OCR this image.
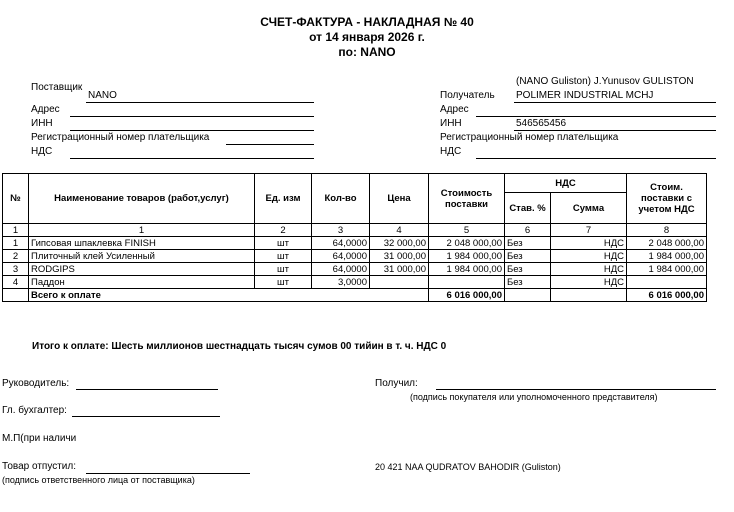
СЧЕТ-ФАКТУРА - НАКЛАДНАЯ № 40
от 14 января 2026 г.
по: NANO
Поставщик
NANO
Адрес
ИНН
Регистрационный номер плательщика
НДС
(NANO Guliston) J.Yunusov GULISTON
Получатель POLIMER INDUSTRIAL MCHJ
Адрес
ИНН	546565456
Регистрационный номер плательщика
НДС
№	Наименование товаров (работ,услуг)	Ед. изм	Кол-во	Цена	Стоимость поставки	НДС		Стоим. поставки с учетом НДС
						Став. %	Сумма	
1	1	2	3	4	5	6	7	8
1	Гипсовая шпаклевка FINISH	шт	64,0000	32 000,00	2 048 000,00	Без	НДС	2 048 000,00
2	Плиточный клей Усиленный	шт	64,0000	31 000,00	1 984 000,00	Без	НДС	1 984 000,00
3	RODGIPS	шт	64,0000	31 000,00	1 984 000,00	Без	НДС	1 984 000,00
4	Паддон	шт	3,0000			Без	НДС	
	Всего к оплате				6 016 000,00			6 016 000,00
Итого к оплате: Шесть миллионов шестнадцать тысяч сумов 00 тийин в т. ч. НДС 0
Руководитель:
Гл. бухгалтер:
М.П(при наличи
Товар отпустил:
(подпись ответственного лица от поставщика)
Получил:
(подпись покупателя или уполномоченного представителя)
20 421 NAA QUDRATOV BAHODIR (Guliston)
